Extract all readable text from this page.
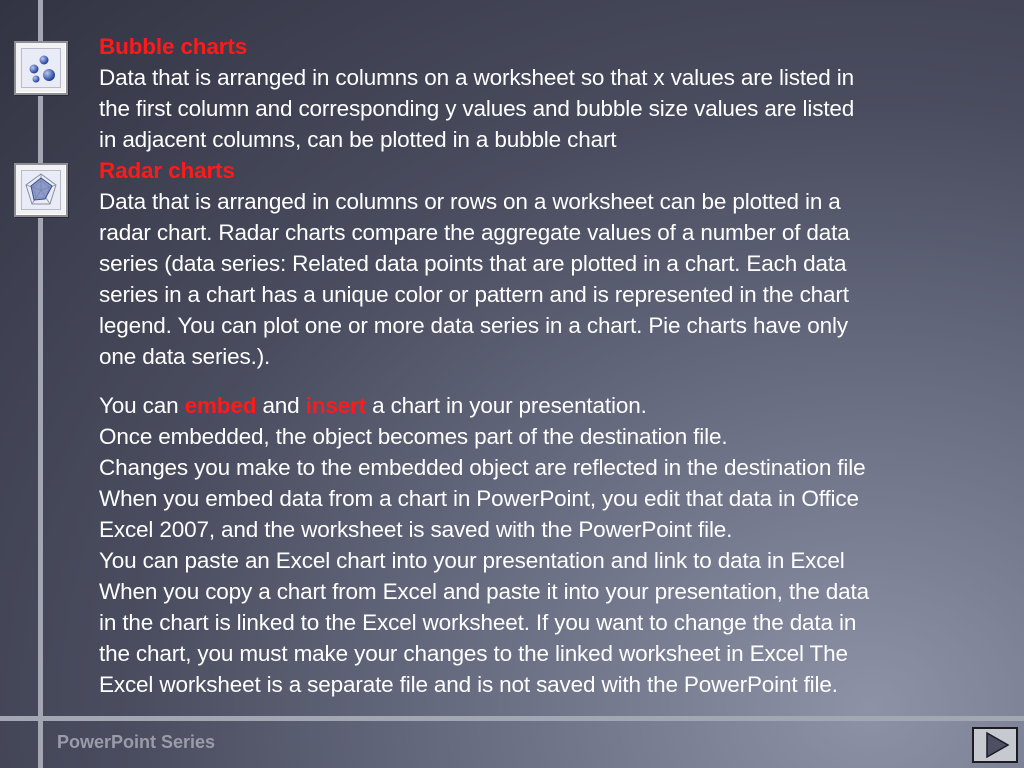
Bubble charts

Data that is arranged in columns on a worksheet so that x values are listed in

the first column and corresponding y values and bubble size values are listed

in adjacent columns, can be plotted in a bubble chart

Radar charts

Data that is arranged in columns or rows on a worksheet can be plotted in a

radar chart. Radar charts compare the aggregate values of a number of data

series (data series: Related data points that are plotted in a chart. Each data

series in a chart has a unique color or pattern and is represented in the chart

legend. You can plot one or more data series in a chart. Pie charts have only

one data series.).

You can embed and insert a chart in your presentation.

Once embedded, the object becomes part of the destination file.

Changes you make to the embedded object are reflected in the destination file

When you embed data from a chart in PowerPoint, you edit that data in Office

Excel 2007, and the worksheet is saved with the PowerPoint file.

You can paste an Excel chart into your presentation and link to data in Excel

When you copy a chart from Excel and paste it into your presentation, the data

in the chart is linked to the Excel worksheet. If you want to change the data in

the chart, you must make your changes to the linked worksheet in Excel The

Excel worksheet is a separate file and is not saved with the PowerPoint file.

PowerPoint Series
